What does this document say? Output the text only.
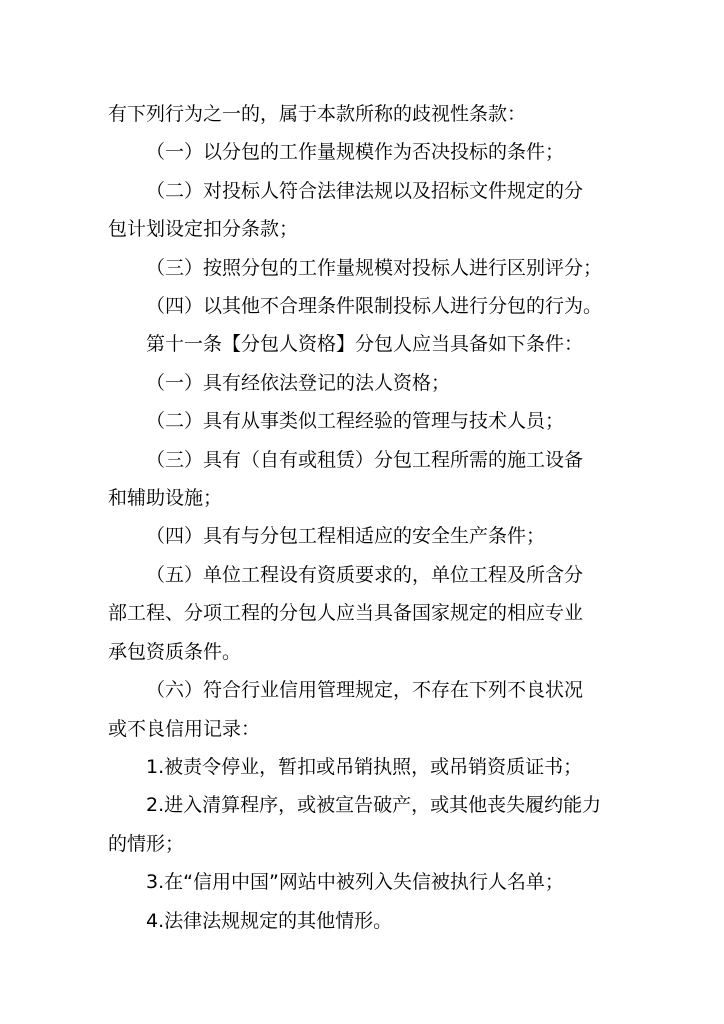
有下列行为之一的，属于本款所称的歧视性条款：
（一）以分包的工作量规模作为否决投标的条件；
（二）对投标人符合法律法规以及招标文件规定的分
包计划设定扣分条款；
（三）按照分包的工作量规模对投标人进行区别评分；
（四）以其他不合理条件限制投标人进行分包的行为。
第十一条【分包人资格】分包人应当具备如下条件：
（一）具有经依法登记的法人资格；
（二）具有从事类似工程经验的管理与技术人员；
（三）具有（自有或租赁）分包工程所需的施工设备
和辅助设施；
（四）具有与分包工程相适应的安全生产条件；
（五）单位工程设有资质要求的，单位工程及所含分
部工程、分项工程的分包人应当具备国家规定的相应专业
承包资质条件。
（六）符合行业信用管理规定，不存在下列不良状况
或不良信用记录：
1.被责令停业，暂扣或吊销执照，或吊销资质证书；
2.进入清算程序，或被宣告破产，或其他丧失履约能力
的情形；
3.在“信用中国”网站中被列入失信被执行人名单；
4.法律法规规定的其他情形。
